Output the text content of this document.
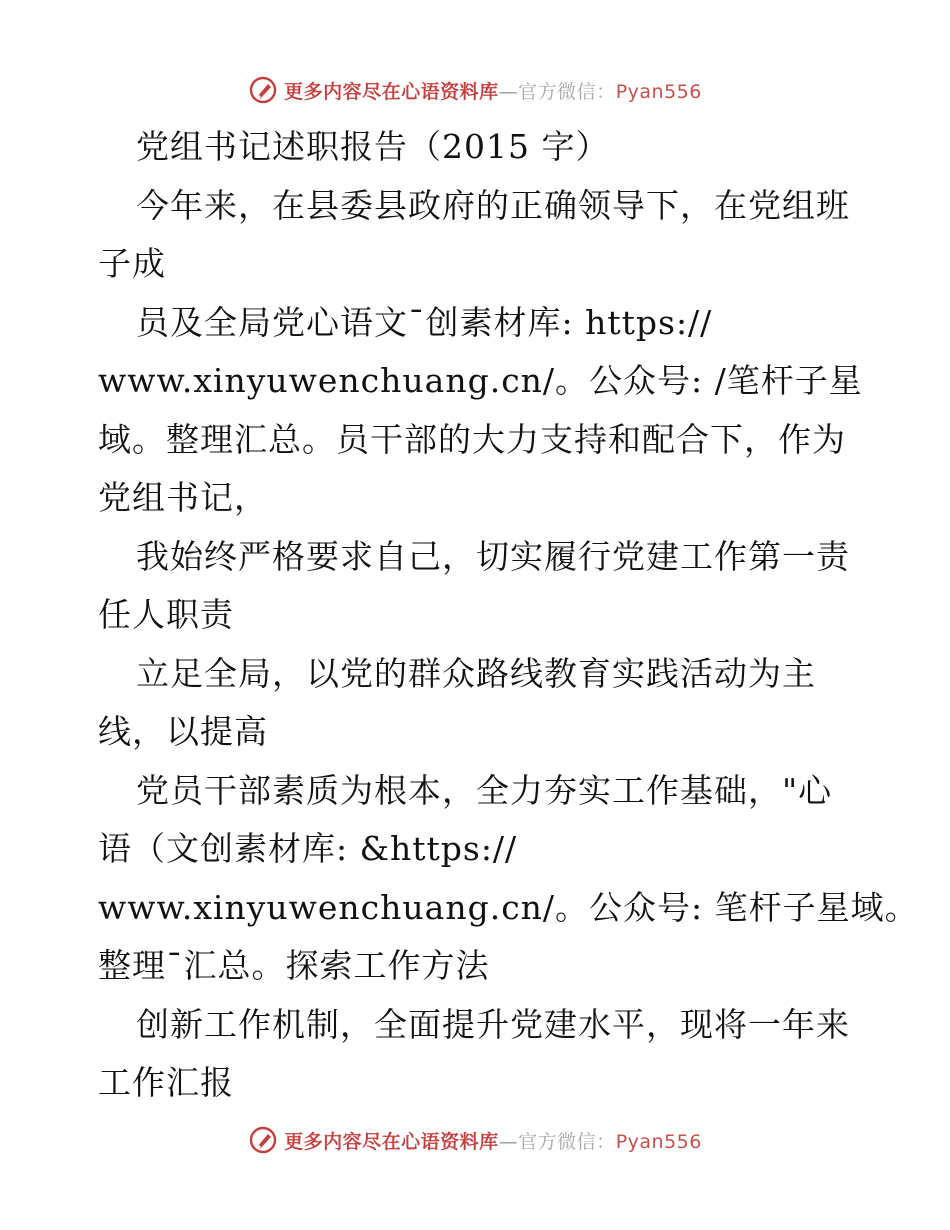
更多内容尽在心语资料库—官方微信：Pyan556
党组书记述职报告（2015 字）
今年来，在县委县政府的正确领导下，在党组班
子成
员及全局党心语文¯创素材库: https://
www.xinyuwenchuang.cn/。公众号: /笔杆子星
域。整理汇总。员干部的大力支持和配合下，作为
党组书记，
我始终严格要求自己，切实履行党建工作第一责
任人职责
立足全局，以党的群众路线教育实践活动为主
线，以提高
党员干部素质为根本，全力夯实工作基础，"心
语（文创素材库: &https://
www.xinyuwenchuang.cn/。公众号: 笔杆子星域。
整理¯汇总。探索工作方法
创新工作机制，全面提升党建水平，现将一年来
工作汇报
更多内容尽在心语资料库—官方微信：Pyan556
